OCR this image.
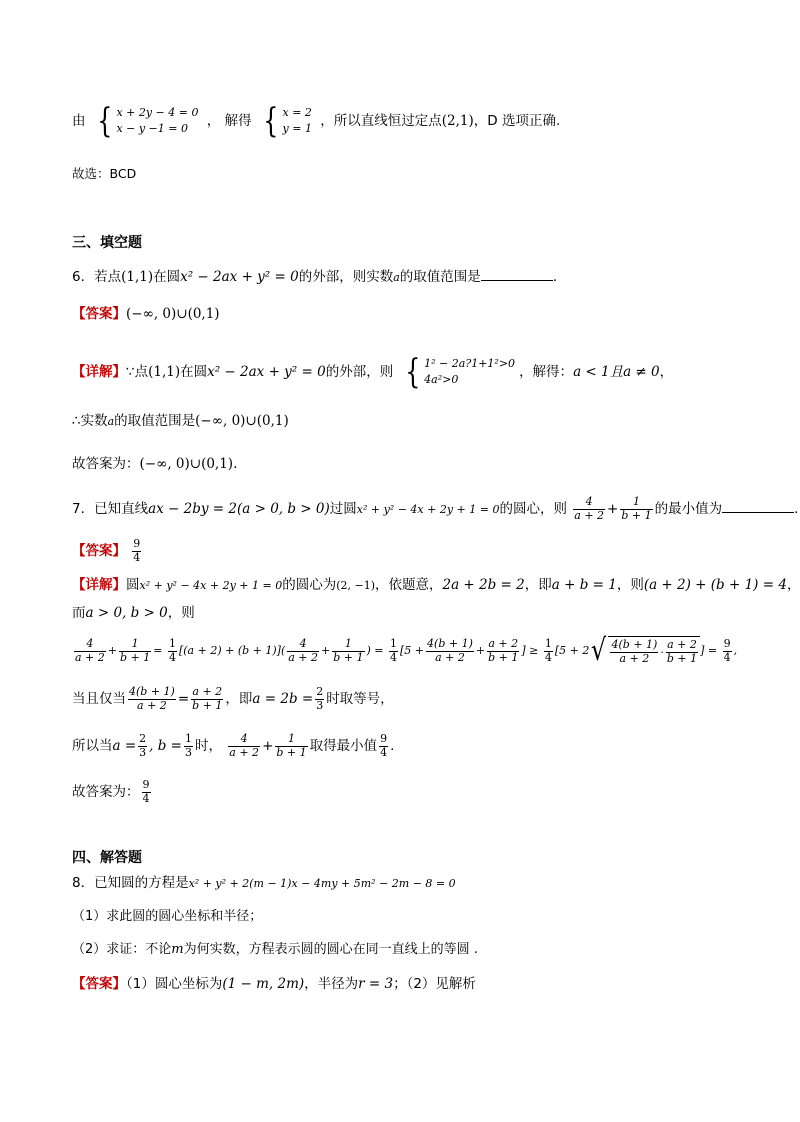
由 { x + 2y − 4 = 0
x − y −1 = 0	， 解得 { x = 2
y = 1 ，所以直线恒过定点(2,1)，D 选项正确.
故选：BCD
三、填空题
6．若点(1,1)在圆x² − 2ax + y² = 0的外部，则实数a的取值范围是	.
【答案】(−∞, 0)∪(0,1)
【详解】∵点(1,1)在圆x² − 2ax + y² = 0的外部，则 { 1² − 2a?1+1²>0
4a²>0	，解得：a < 1且a ≠ 0，
∴实数a的取值范围是(−∞, 0)∪(0,1)
故答案为：(−∞, 0)∪(0,1).
7．已知直线ax − 2by = 2(a > 0, b > 0)过圆x² + y² − 4x + 2y + 1 = 0的圆心，则 $\frac{4}{a + 2} + \frac{1}{b + 1}$ 的最小值为	.
【答案】 $\frac{9}{4}$
【详解】圆x² + y² − 4x + 2y + 1 = 0的圆心为(2, −1)，依题意，2a + 2b = 2，即a + b = 1，则(a + 2) + (b + 1) = 4，
而a > 0, b > 0，则
$\frac{4}{a + 2} + \frac{1}{b + 1} = \frac{1}{4} [(a + 2) + (b + 1)]( \frac{4}{a + 2} + \frac{1}{b + 1}$ ) = $\frac{1}{4} [5 + \frac{4(b + 1)}{a + 2} + \frac{a + 2}{b + 1}$ ] ≥ $\frac{1}{4} [5 + 2$ √ $\frac{4(b + 1)}{a + 2} \cdot \frac{a + 2}{b + 1}$ ] = $\frac{9}{4}$ ,
当且仅当 $\frac{4(b + 1)}{a + 2} = \frac{a + 2}{b + 1}$ ，即$a = 2b = \frac{2}{3}$ 时取等号，
所以当$a = \frac{2}{3}$ , $b = \frac{1}{3}$ 时， $\frac{4}{a + 2} + \frac{1}{b + 1}$ 取得最小值 $\frac{9}{4}$ .
故答案为： $\frac{9}{4}$
四、解答题
8．已知圆的方程是x² + y² + 2(m − 1)x − 4my + 5m² − 2m − 8 = 0
（1）求此圆的圆心坐标和半径；
（2）求证：不论m为何实数，方程表示圆的圆心在同一直线上的等圆 .
【答案】（1）圆心坐标为(1 − m, 2m)，半径为r = 3；（2）见解析
